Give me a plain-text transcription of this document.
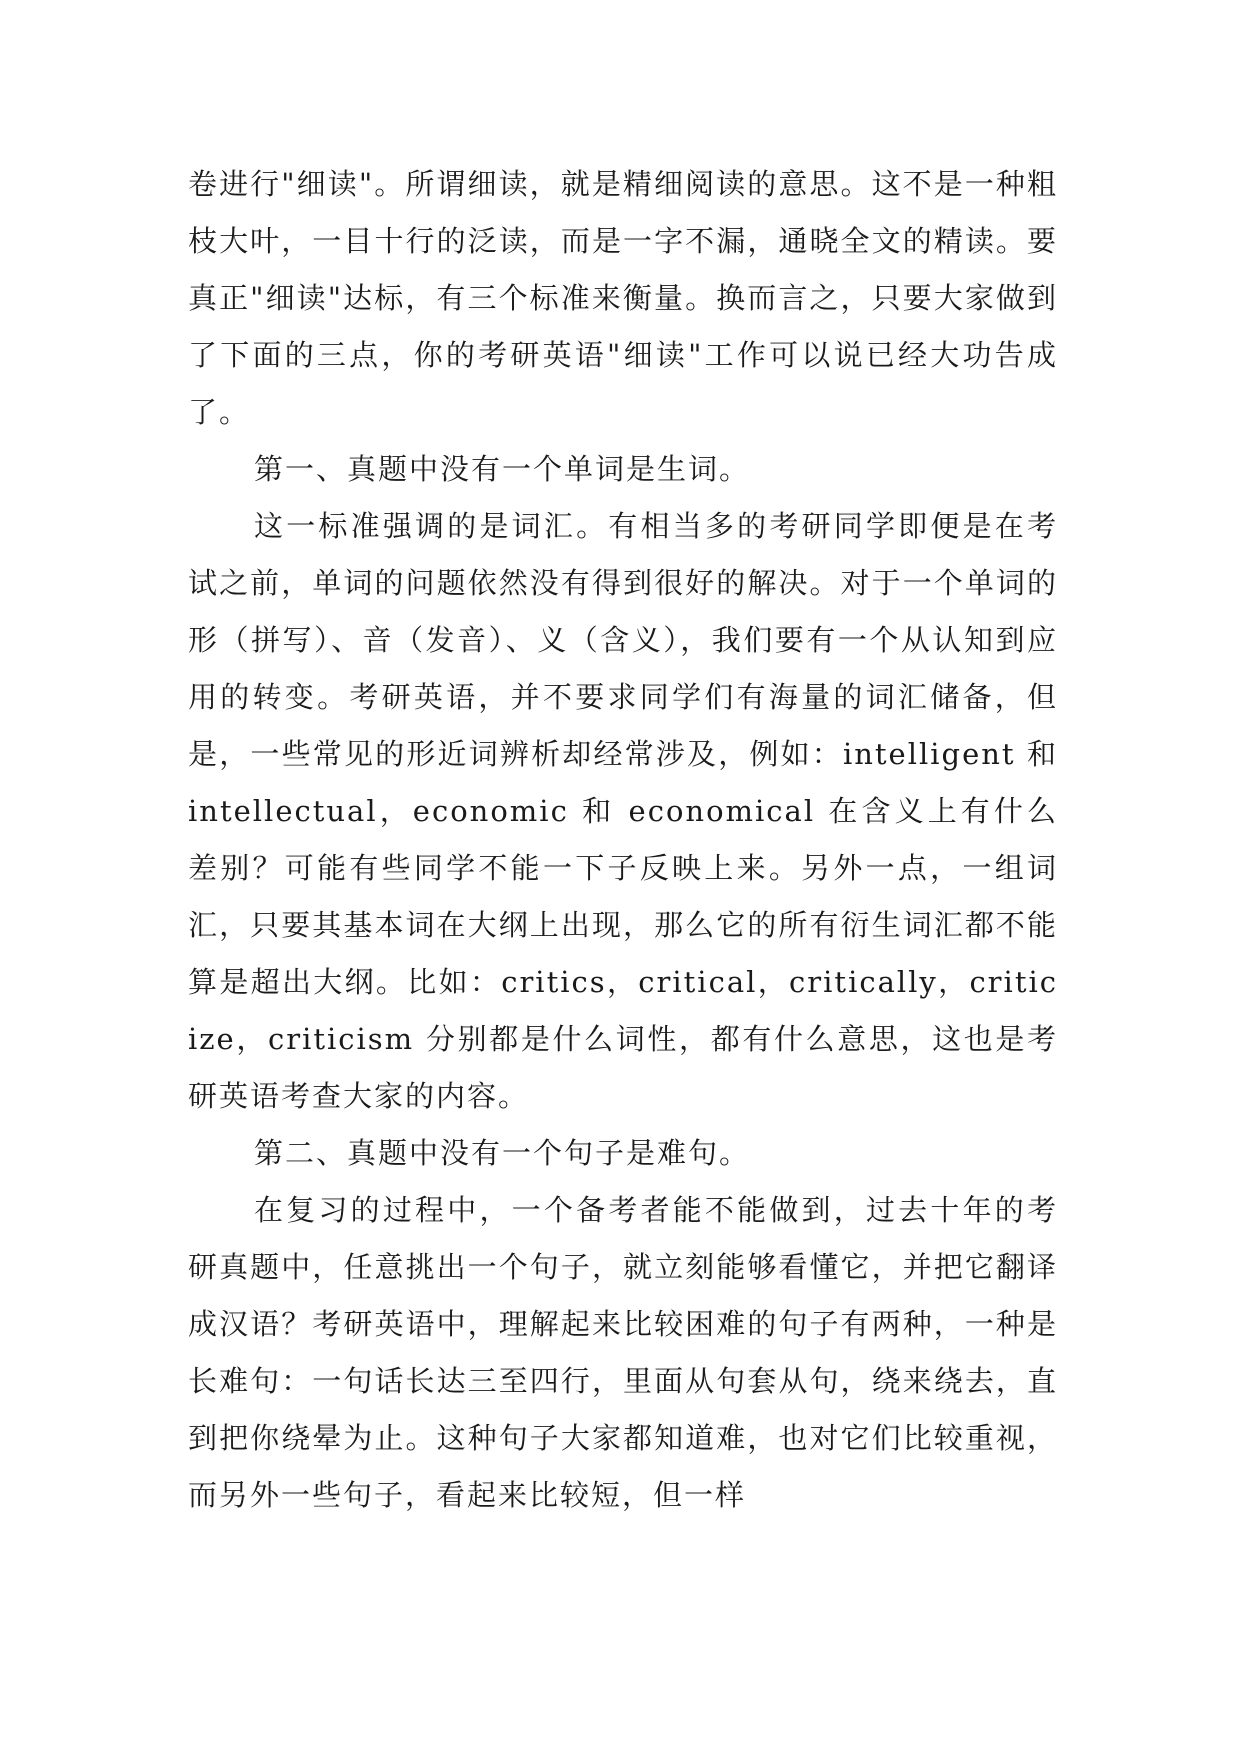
卷进行"细读"。所谓细读，就是精细阅读的意思。这不是一种粗枝大叶，一目十行的泛读，而是一字不漏，通晓全文的精读。要真正"细读"达标，有三个标准来衡量。换而言之，只要大家做到了下面的三点，你的考研英语"细读"工作可以说已经大功告成了。

第一、真题中没有一个单词是生词。

这一标准强调的是词汇。有相当多的考研同学即便是在考试之前，单词的问题依然没有得到很好的解决。对于一个单词的形（拼写）、音（发音）、义（含义），我们要有一个从认知到应用的转变。考研英语，并不要求同学们有海量的词汇储备，但是，一些常见的形近词辨析却经常涉及，例如：intelligent 和 intellectual，economic 和 economical 在含义上有什么差别？可能有些同学不能一下子反映上来。另外一点，一组词汇，只要其基本词在大纲上出现，那么它的所有衍生词汇都不能算是超出大纲。比如：critics，critical，critically，criticize，criticism 分别都是什么词性，都有什么意思，这也是考研英语考查大家的内容。

第二、真题中没有一个句子是难句。

在复习的过程中，一个备考者能不能做到，过去十年的考研真题中，任意挑出一个句子，就立刻能够看懂它，并把它翻译成汉语？考研英语中，理解起来比较困难的句子有两种，一种是长难句：一句话长达三至四行，里面从句套从句，绕来绕去，直到把你绕晕为止。这种句子大家都知道难，也对它们比较重视，而另外一些句子，看起来比较短，但一样
